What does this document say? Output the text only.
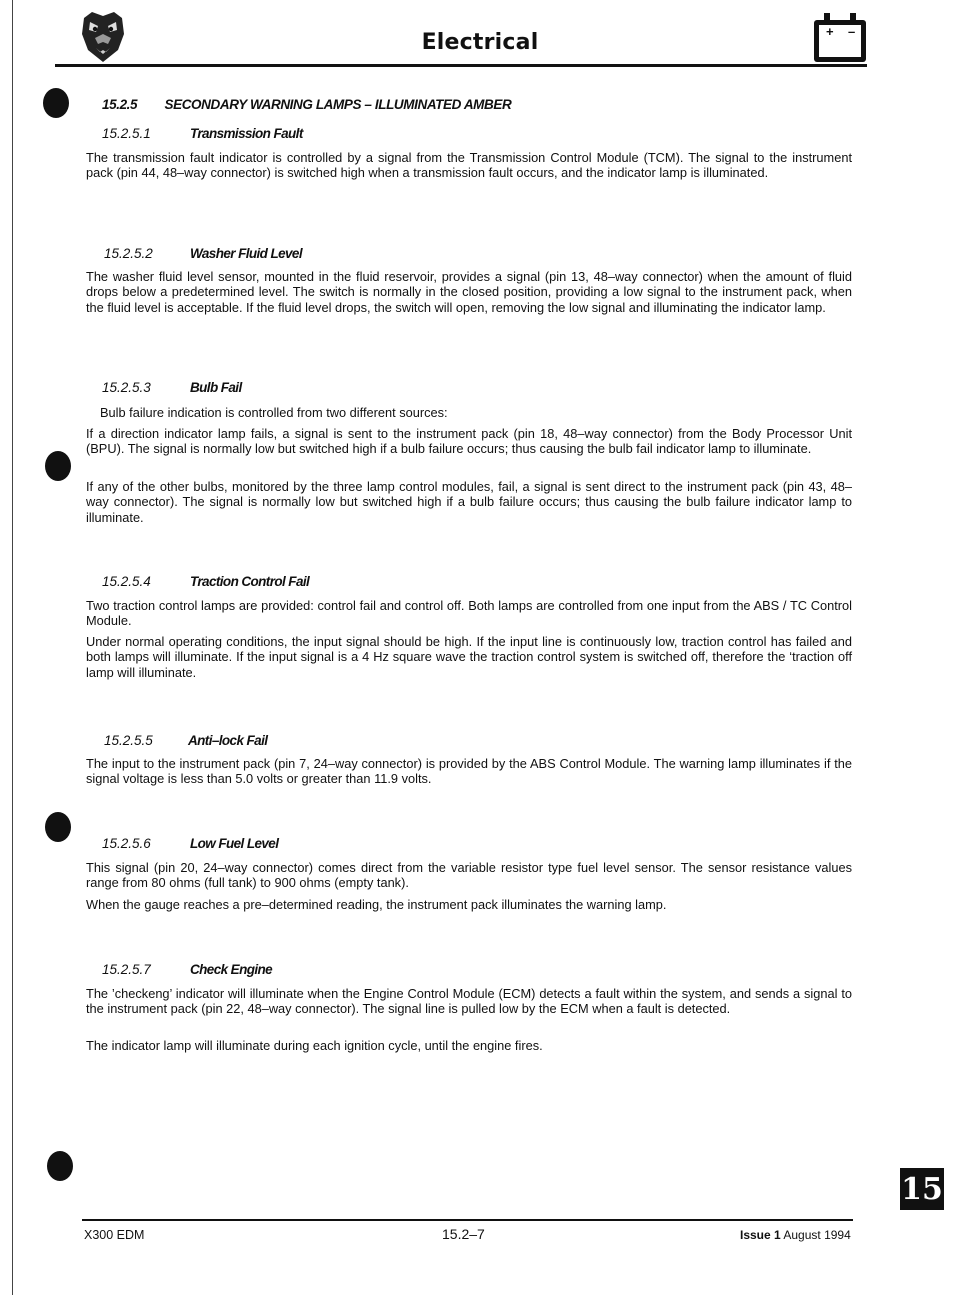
Electrical	+ –
15.2.5 SECONDARY WARNING LAMPS – ILLUMINATED AMBER
15.2.5.1	Transmission Fault

The transmission fault indicator is controlled by a signal from the Transmission Control Module (TCM). The signal to the instrument pack (pin 44, 48–way connector) is switched high when a transmission fault occurs, and the indicator lamp is illuminated.

15.2.5.2	Washer Fluid Level

The washer fluid level sensor, mounted in the fluid reservoir, provides a signal (pin 13, 48–way connector) when the amount of fluid drops below a predetermined level. The switch is normally in the closed position, providing a low signal to the instrument pack, when the fluid level is acceptable. If the fluid level drops, the switch will open, removing the low signal and illuminating the indicator lamp.

15.2.5.3	Bulb Fail

Bulb failure indication is controlled from two different sources:

If a direction indicator lamp fails, a signal is sent to the instrument pack (pin 18, 48–way connector) from the Body Processor Unit (BPU). The signal is normally low but switched high if a bulb failure occurs; thus causing the bulb fail indicator lamp to illuminate.

If any of the other bulbs, monitored by the three lamp control modules, fail, a signal is sent direct to the instrument pack (pin 43, 48–way connector). The signal is normally low but switched high if a bulb failure occurs; thus causing the bulb failure indicator lamp to illuminate.

15.2.5.4	Traction Control Fail

Two traction control lamps are provided: control fail and control off. Both lamps are controlled from one input from the ABS / TC Control Module.

Under normal operating conditions, the input signal should be high. If the input line is continuously low, traction control has failed and both lamps will illuminate. If the input signal is a 4 Hz square wave the traction control system is switched off, therefore the ‘traction off lamp will illuminate.

15.2.5.5	Anti–lock Fail

The input to the instrument pack (pin 7, 24–way connector) is provided by the ABS Control Module. The warning lamp illuminates if the signal voltage is less than 5.0 volts or greater than 11.9 volts.

15.2.5.6	Low Fuel Level

This signal (pin 20, 24–way connector) comes direct from the variable resistor type fuel level sensor. The sensor resistance values range from 80 ohms (full tank) to 900 ohms (empty tank).

When the gauge reaches a pre–determined reading, the instrument pack illuminates the warning lamp.

15.2.5.7	Check Engine

The ’checkeng’ indicator will illuminate when the Engine Control Module (ECM) detects a fault within the system, and sends a signal to the instrument pack (pin 22, 48–way connector). The signal line is pulled low by the ECM when a fault is detected.

The indicator lamp will illuminate during each ignition cycle, until the engine fires.

15
X300 EDM	15.2–7	Issue 1 August 1994
